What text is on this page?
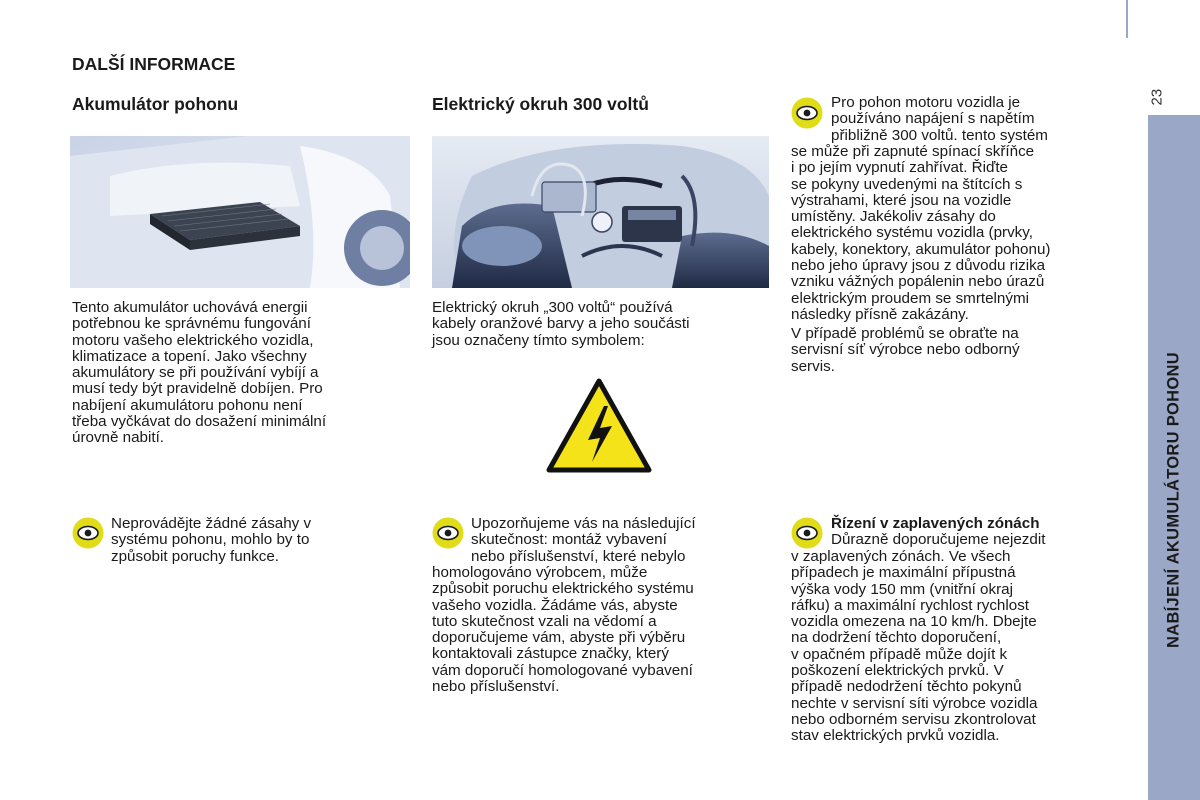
DALŠÍ INFORMACE
Akumulátor pohonu
Tento akumulátor uchovává energii
potřebnou ke správnému fungování
motoru vašeho elektrického vozidla,
klimatizace a topení. Jako všechny
akumulátory se při používání vybíjí a
musí tedy být pravidelně dobíjen. Pro
nabíjení akumulátoru pohonu není
třeba vyčkávat do dosažení minimální
úrovně nabití.
Neprovádějte žádné zásahy v
systému pohonu, mohlo by to
způsobit poruchy funkce.
Elektrický okruh 300 voltů
Elektrický okruh „300 voltů“ používá
kabely oranžové barvy a jeho součásti
jsou označeny tímto symbolem:
Upozorňujeme vás na následující
skutečnost: montáž vybavení
nebo příslušenství, které nebylo
homologováno výrobcem, může
způsobit poruchu elektrického systému
vašeho vozidla. Žádáme vás, abyste
tuto skutečnost vzali na vědomí a
doporučujeme vám, abyste při výběru
kontaktovali zástupce značky, který
vám doporučí homologované vybavení
nebo příslušenství.
Pro pohon motoru vozidla je
používáno napájení s napětím
přibližně 300 voltů. tento systém
se může při zapnuté spínací skříňce
i po jejím vypnutí zahřívat. Řiďte
se pokyny uvedenými na štítcích s
výstrahami, které jsou na vozidle
umístěny. Jakékoliv zásahy do
elektrického systému vozidla (prvky,
kabely, konektory, akumulátor pohonu)
nebo jeho úpravy jsou z důvodu rizika
vzniku vážných popálenin nebo úrazů
elektrickým proudem se smrtelnými
následky přísně zakázány.
V případě problémů se obraťte na
servisní síť výrobce nebo odborný
servis.
Řízení v zaplavených zónách
Důrazně doporučujeme nejezdit
v zaplavených zónách. Ve všech
případech je maximální přípustná
výška vody 150 mm (vnitřní okraj
ráfku) a maximální rychlost rychlost
vozidla omezena na 10 km/h. Dbejte
na dodržení těchto doporučení,
v opačném případě může dojít k
poškození elektrických prvků. V
případě nedodržení těchto pokynů
nechte v servisní síti výrobce vozidla
nebo odborném servisu zkontrolovat
stav elektrických prvků vozidla.
23
NABÍJENÍ AKUMULÁTORU POHONU
